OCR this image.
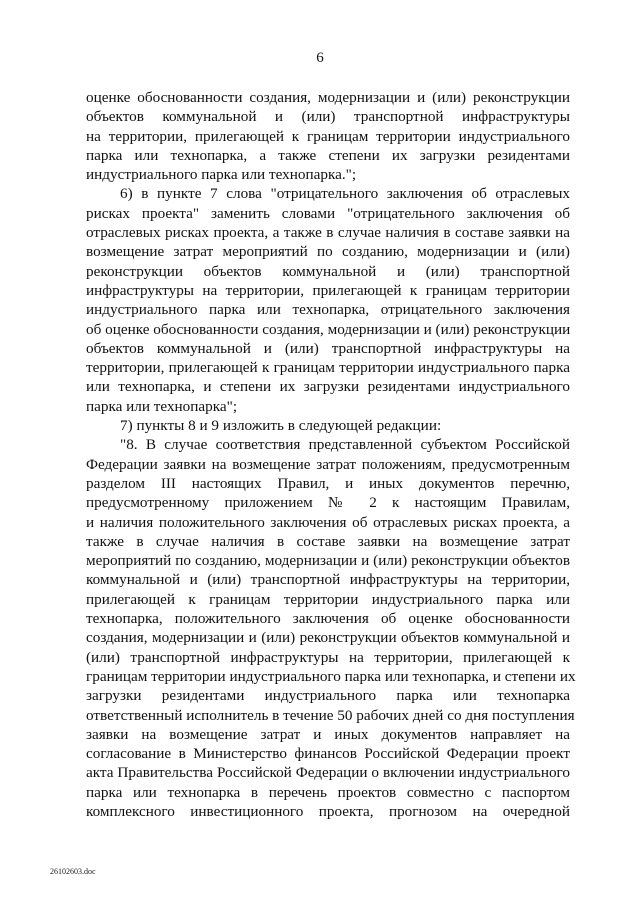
6
оценке обоснованности создания, модернизации и (или) реконструкции
объектов коммунальной и (или) транспортной инфраструктуры
на территории, прилегающей к границам территории индустриального
парка или технопарка, а также степени их загрузки резидентами
индустриального парка или технопарка.";
6) в пункте 7 слова "отрицательного заключения об отраслевых
рисках проекта" заменить словами "отрицательного заключения об
отраслевых рисках проекта, а также в случае наличия в составе заявки на
возмещение затрат мероприятий по созданию, модернизации и (или)
реконструкции объектов коммунальной и (или) транспортной
инфраструктуры на территории, прилегающей к границам территории
индустриального парка или технопарка, отрицательного заключения
об оценке обоснованности создания, модернизации и (или) реконструкции
объектов коммунальной и (или) транспортной инфраструктуры на
территории, прилегающей к границам территории индустриального парка
или технопарка, и степени их загрузки резидентами индустриального
парка или технопарка";
7) пункты 8 и 9 изложить в следующей редакции:
"8. В случае соответствия представленной субъектом Российской
Федерации заявки на возмещение затрат положениям, предусмотренным
разделом III настоящих Правил, и иных документов перечню,
предусмотренному приложением № 2 к настоящим Правилам,
и наличия положительного заключения об отраслевых рисках проекта, а
также в случае наличия в составе заявки на возмещение затрат
мероприятий по созданию, модернизации и (или) реконструкции объектов
коммунальной и (или) транспортной инфраструктуры на территории,
прилегающей к границам территории индустриального парка или
технопарка, положительного заключения об оценке обоснованности
создания, модернизации и (или) реконструкции объектов коммунальной и
(или) транспортной инфраструктуры на территории, прилегающей к
границам территории индустриального парка или технопарка, и степени их
загрузки резидентами индустриального парка или технопарка
ответственный исполнитель в течение 50 рабочих дней со дня поступления
заявки на возмещение затрат и иных документов направляет на
согласование в Министерство финансов Российской Федерации проект
акта Правительства Российской Федерации о включении индустриального
парка или технопарка в перечень проектов совместно с паспортом
комплексного инвестиционного проекта, прогнозом на очередной
26102603.doc
